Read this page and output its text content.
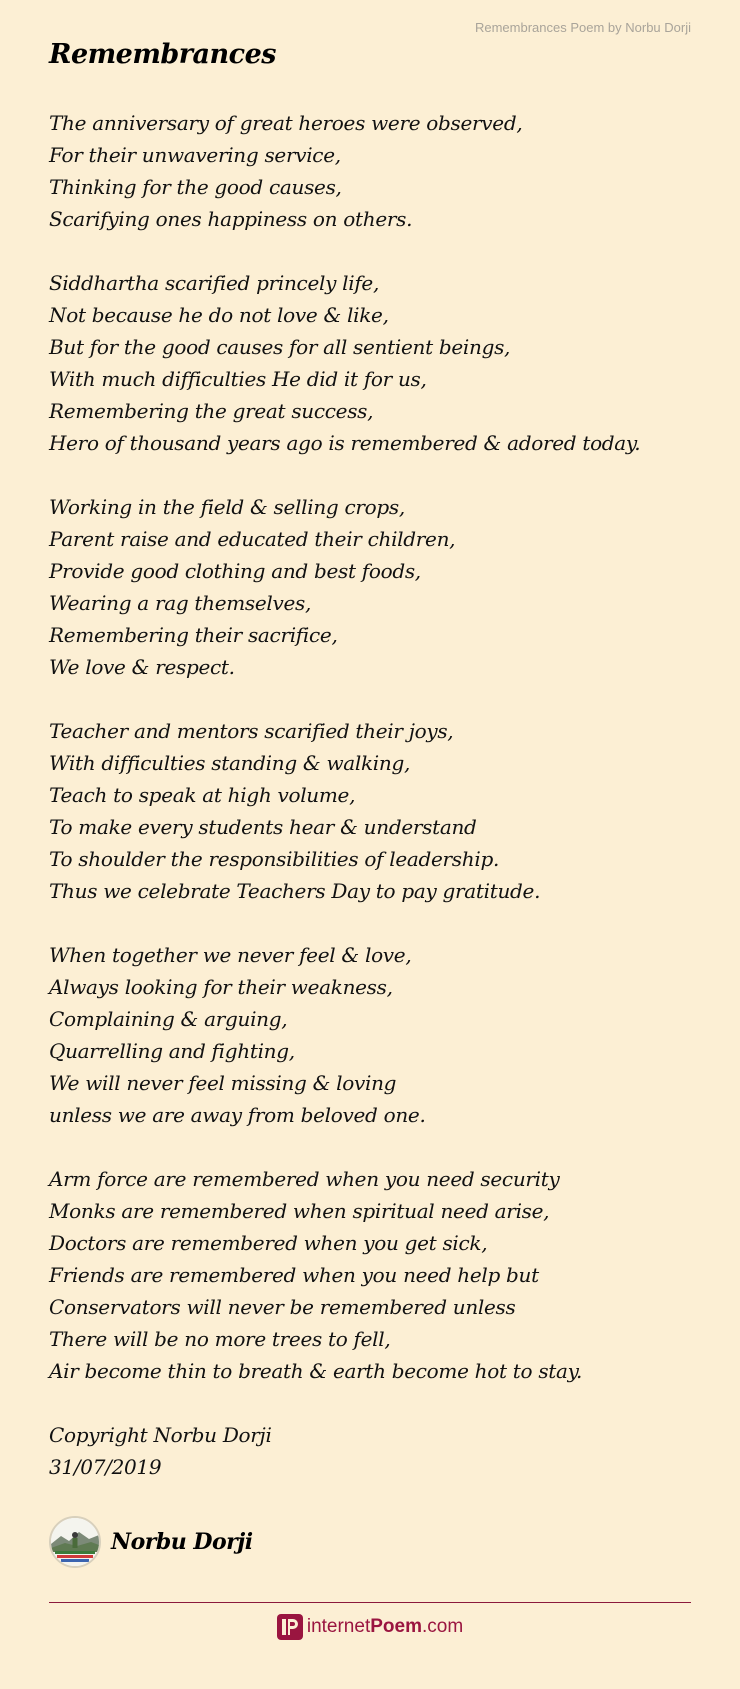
Remembrances Poem by Norbu Dorji
Remembrances
The anniversary of great heroes were observed,
For their unwavering service,
Thinking for the good causes,
Scarifying ones happiness on others.
Siddhartha scarified princely life,
Not because he do not love & like,
But for the good causes for all sentient beings,
With much difficulties He did it for us,
Remembering the great success,
Hero of thousand years ago is remembered & adored today.
Working in the field & selling crops,
Parent raise and educated their children,
Provide good clothing and best foods,
Wearing a rag themselves,
Remembering their sacrifice,
We love & respect.
Teacher and mentors scarified their joys,
With difficulties standing & walking,
Teach to speak at high volume,
To make every students hear & understand
To shoulder the responsibilities of leadership.
Thus we celebrate Teachers Day to pay gratitude.
When together we never feel & love,
Always looking for their weakness,
Complaining & arguing,
Quarrelling and fighting,
We will never feel missing & loving
unless we are away from beloved one.
Arm force are remembered when you need security
Monks are remembered when spiritual need arise,
Doctors are remembered when you get sick,
Friends are remembered when you need help but
Conservators will never be remembered unless
There will be no more trees to fell,
Air become thin to breath & earth become hot to stay.
Copyright Norbu Dorji
31/07/2019
Norbu Dorji
internetPoem.com
